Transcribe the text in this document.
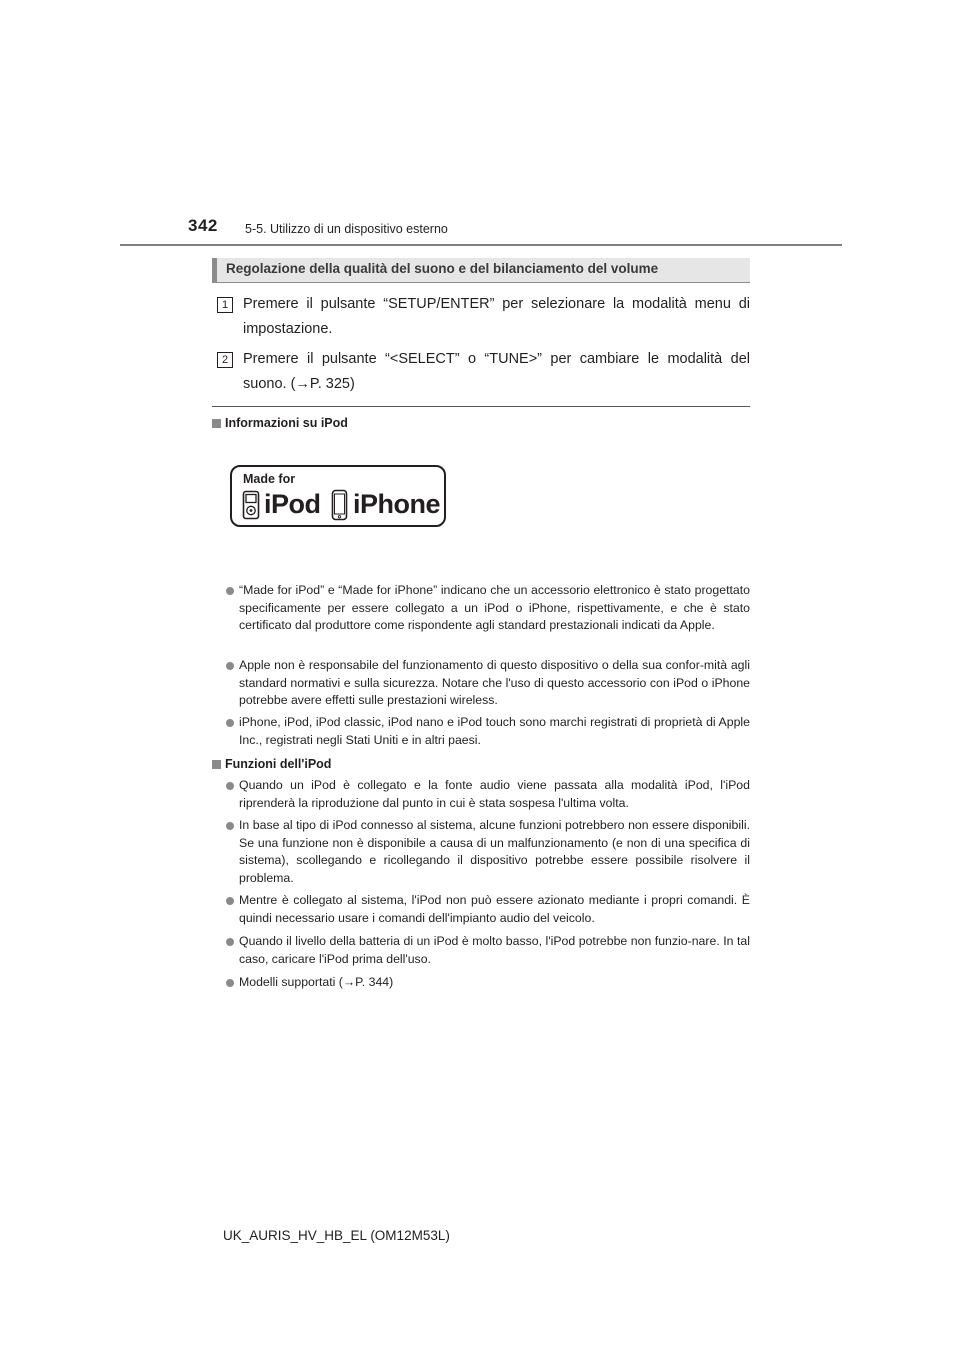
342 5-5. Utilizzo di un dispositivo esterno
Regolazione della qualità del suono e del bilanciamento del volume
1	Premere il pulsante “SETUP/ENTER” per selezionare la modalità menu di impostazione.
2	Premere il pulsante “<SELECT” o “TUNE>” per cambiare le modalità del suono. (→P. 325)
Informazioni su iPod
Made for
iPod iPhone
“Made for iPod” e “Made for iPhone” indicano che un accessorio elettronico è stato progettato specificamente per essere collegato a un iPod o iPhone, rispettivamente, e che è stato certificato dal produttore come rispondente agli standard prestazionali indicati da Apple.
Apple non è responsabile del funzionamento di questo dispositivo o della sua confor-mità agli standard normativi e sulla sicurezza. Notare che l'uso di questo accessorio con iPod o iPhone potrebbe avere effetti sulle prestazioni wireless.
iPhone, iPod, iPod classic, iPod nano e iPod touch sono marchi registrati di proprietà di Apple Inc., registrati negli Stati Uniti e in altri paesi.
Funzioni dell'iPod
Quando un iPod è collegato e la fonte audio viene passata alla modalità iPod, l'iPod riprenderà la riproduzione dal punto in cui è stata sospesa l'ultima volta.
In base al tipo di iPod connesso al sistema, alcune funzioni potrebbero non essere disponibili. Se una funzione non è disponibile a causa di un malfunzionamento (e non di una specifica di sistema), scollegando e ricollegando il dispositivo potrebbe essere possibile risolvere il problema.
Mentre è collegato al sistema, l'iPod non può essere azionato mediante i propri comandi. È quindi necessario usare i comandi dell'impianto audio del veicolo.
Quando il livello della batteria di un iPod è molto basso, l'iPod potrebbe non funzio-nare. In tal caso, caricare l'iPod prima dell'uso.
Modelli supportati (→P. 344)
UK_AURIS_HV_HB_EL (OM12M53L)
